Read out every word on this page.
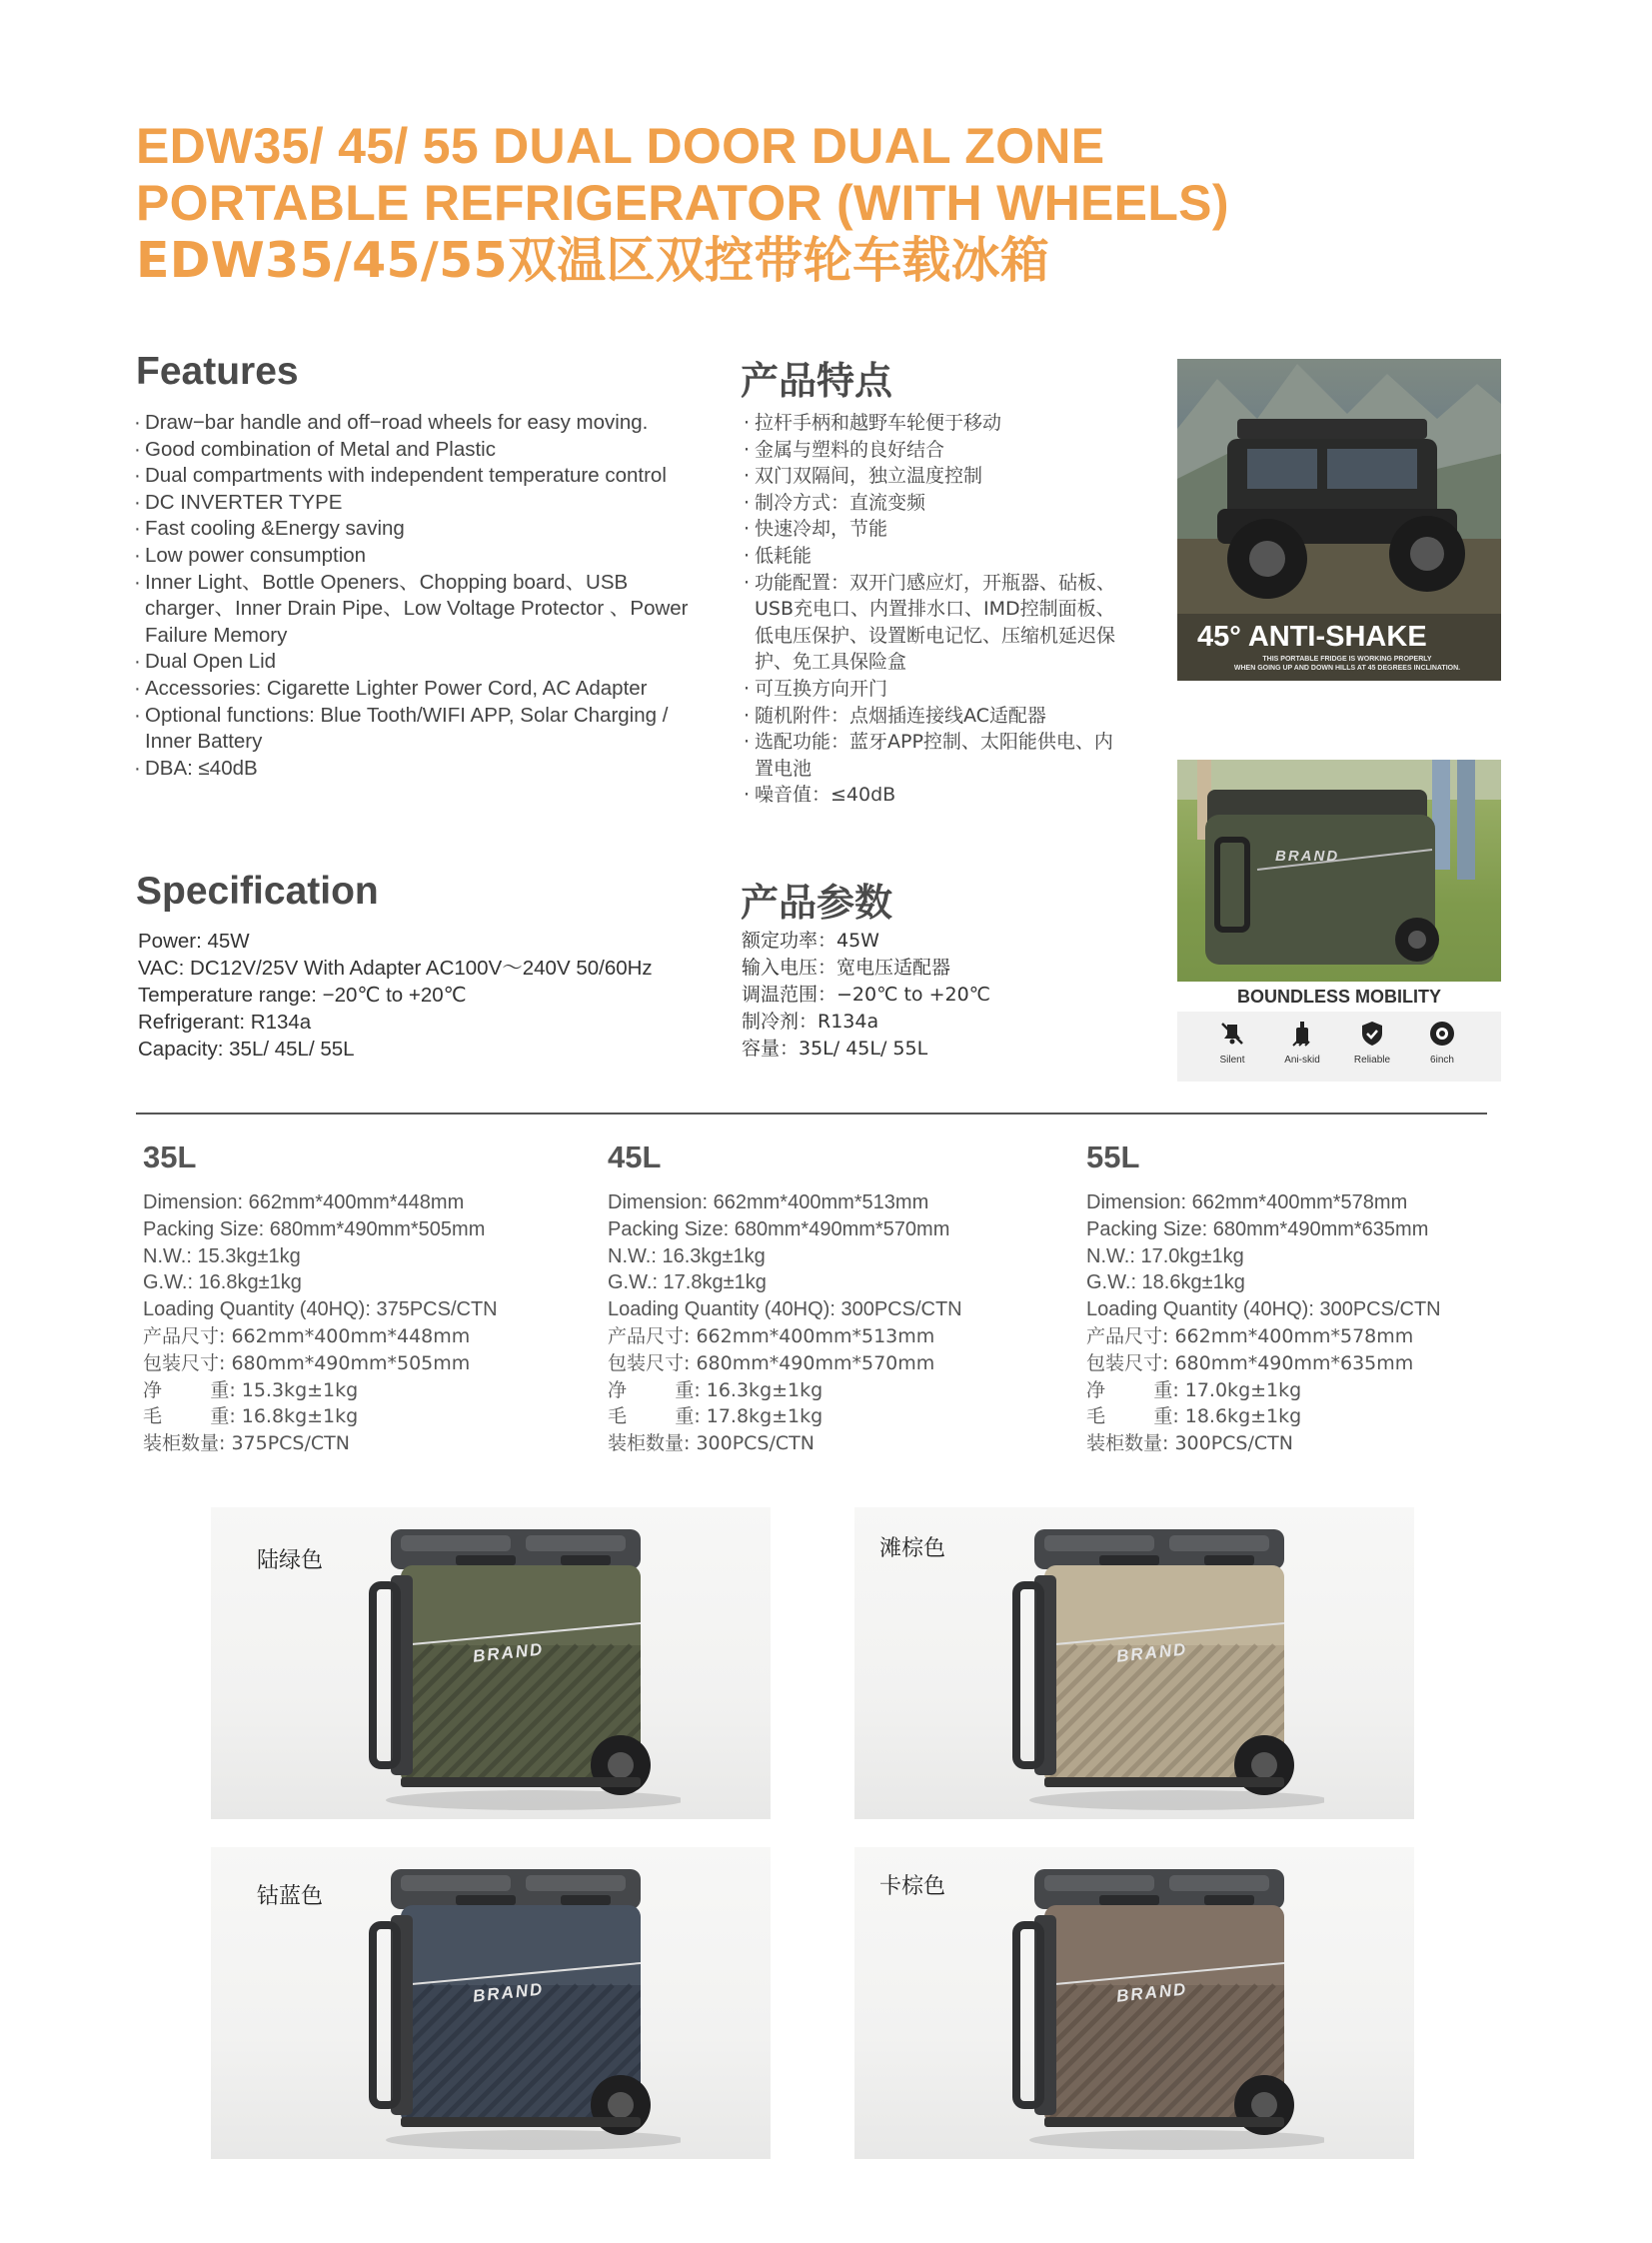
EDW35/ 45/ 55 DUAL DOOR DUAL ZONE
PORTABLE REFRIGERATOR (WITH WHEELS)
EDW35/45/55双温区双控带轮车载冰箱
Features
· Draw−bar handle and off−road wheels for easy moving.
· Good combination of Metal and Plastic
· Dual compartments with independent temperature control
· DC INVERTER TYPE
· Fast cooling &Energy saving
· Low power consumption
· Inner Light、Bottle Openers、Chopping board、USB
charger、Inner Drain Pipe、Low Voltage Protector 、Power
Failure Memory
· Dual Open Lid
· Accessories: Cigarette Lighter Power Cord, AC Adapter
· Optional functions: Blue Tooth/WIFI APP, Solar Charging /
Inner Battery
· DBA: ≤40dB
产品特点
· 拉杆手柄和越野车轮便于移动
· 金属与塑料的良好结合
· 双门双隔间，独立温度控制
· 制冷方式：直流变频
· 快速冷却，节能
· 低耗能
· 功能配置：双开门感应灯，开瓶器、砧板、
USB充电口、内置排水口、IMD控制面板、
低电压保护、设置断电记忆、压缩机延迟保
护、免工具保险盒
· 可互换方向开门
· 随机附件：点烟插连接线AC适配器
· 选配功能：蓝牙APP控制、太阳能供电、内
置电池
· 噪音值：≤40dB
Specification
Power: 45W
VAC: DC12V/25V With Adapter AC100V～240V 50/60Hz
Temperature range: −20℃ to +20℃
Refrigerant: R134a
Capacity: 35L/ 45L/ 55L
产品参数
额定功率：45W
输入电压：宽电压适配器
调温范围：−20℃ to +20℃
制冷剂：R134a
容量：35L/ 45L/ 55L
45° ANTI-SHAKE
THIS PORTABLE FRIDGE IS WORKING PROPERLY
WHEN GOING UP AND DOWN HILLS AT 45 DEGREES INCLINATION.
BRAND
BOUNDLESS MOBILITY
Silent	Ani-skid	Reliable	6inch
35L
Dimension: 662mm*400mm*448mm
Packing Size: 680mm*490mm*505mm
N.W.: 15.3kg±1kg
G.W.: 16.8kg±1kg
Loading Quantity (40HQ): 375PCS/CTN
产品尺寸: 662mm*400mm*448mm
包装尺寸: 680mm*490mm*505mm
净        重: 15.3kg±1kg
毛        重: 16.8kg±1kg
装柜数量: 375PCS/CTN
45L
Dimension: 662mm*400mm*513mm
Packing Size: 680mm*490mm*570mm
N.W.: 16.3kg±1kg
G.W.: 17.8kg±1kg
Loading Quantity (40HQ): 300PCS/CTN
产品尺寸: 662mm*400mm*513mm
包装尺寸: 680mm*490mm*570mm
净        重: 16.3kg±1kg
毛        重: 17.8kg±1kg
装柜数量: 300PCS/CTN
55L
Dimension: 662mm*400mm*578mm
Packing Size: 680mm*490mm*635mm
N.W.: 17.0kg±1kg
G.W.: 18.6kg±1kg
Loading Quantity (40HQ): 300PCS/CTN
产品尺寸: 662mm*400mm*578mm
包装尺寸: 680mm*490mm*635mm
净        重: 17.0kg±1kg
毛        重: 18.6kg±1kg
装柜数量: 300PCS/CTN
陆绿色
BRAND
滩棕色
BRAND
钴蓝色
BRAND
卡棕色
BRAND
